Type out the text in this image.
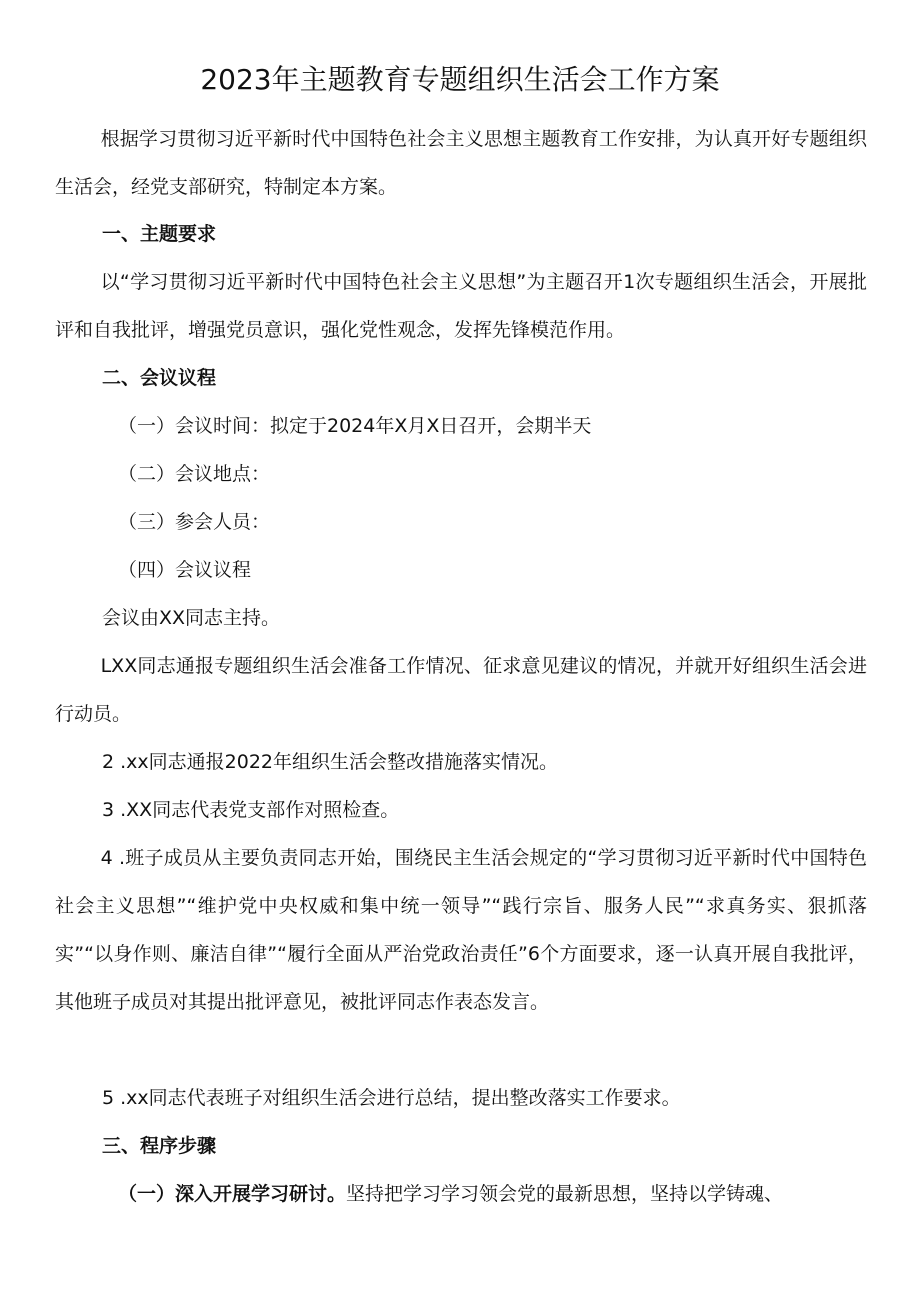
2023年主题教育专题组织生活会工作方案

根据学习贯彻习近平新时代中国特色社会主义思想主题教育工作安排，为认真开好专题组织生活会，经党支部研究，特制定本方案。

一、主题要求

以“学习贯彻习近平新时代中国特色社会主义思想”为主题召开1次专题组织生活会，开展批评和自我批评，增强党员意识，强化党性观念，发挥先锋模范作用。

二、会议议程

（一）会议时间：拟定于2024年X月X日召开，会期半天

（二）会议地点：

（三）参会人员：

（四）会议议程

会议由XX同志主持。

LXX同志通报专题组织生活会准备工作情况、征求意见建议的情况，并就开好组织生活会进行动员。

2 .xx同志通报2022年组织生活会整改措施落实情况。

3 .XX同志代表党支部作对照检查。

4 .班子成员从主要负责同志开始，围绕民主生活会规定的“学习贯彻习近平新时代中国特色社会主义思想”“维护党中央权威和集中统一领导”“践行宗旨、服务人民”“求真务实、狠抓落实”“以身作则、廉洁自律”“履行全面从严治党政治责任”6个方面要求，逐一认真开展自我批评，其他班子成员对其提出批评意见，被批评同志作表态发言。

5 .xx同志代表班子对组织生活会进行总结，提出整改落实工作要求。

三、程序步骤

（一）深入开展学习研讨。坚持把学习学习领会党的最新思想，坚持以学铸魂、
